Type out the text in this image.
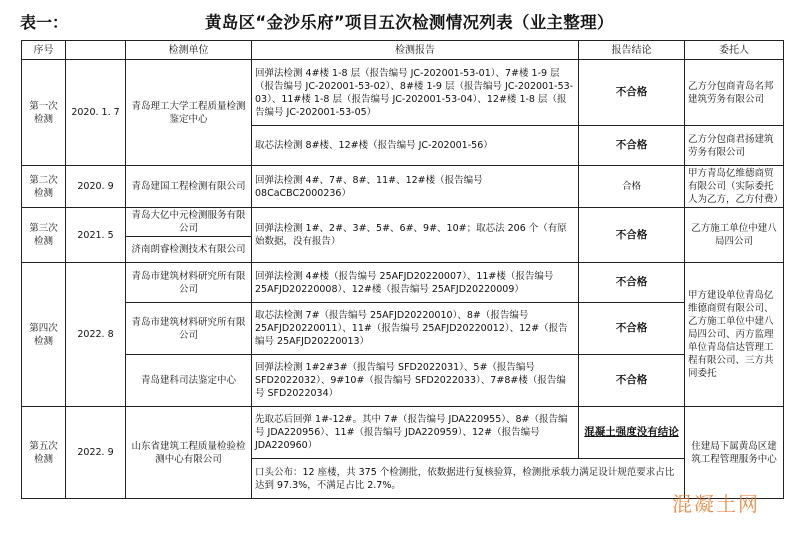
表一：	黄岛区“金沙乐府”项目五次检测情况列表（业主整理）
序号		检测单位	检测报告	报告结论	委托人
第一次检测	2020. 1. 7	青岛理工大学工程质量检测鉴定中心	回弹法检测 4#楼 1-8 层（报告编号 JC-202001-53-01）、7#楼 1-9 层（报告编号 JC-202001-53-02）、8#楼 1-9 层（报告编号 JC-202001-53-03）、11#楼 1-8 层（报告编号 JC-202001-53-04）、12#楼 1-8 层（报告编号 JC-202001-53-05）	不合格	乙方分包商青岛名邦建筑劳务有限公司
			取芯法检测 8#楼、12#楼（报告编号 JC-202001-56）	不合格	乙方分包商君扬建筑劳务有限公司
第二次检测	2020. 9	青岛建国工程检测有限公司	回弹法检测 4#、7#、8#、11#、12#楼（报告编号 08CaCBC2000236）	合格	甲方青岛亿维德商贸有限公司（实际委托人为乙方，乙方付费）
第三次检测	2021. 5	青岛大亿中元检测服务有限公司	回弹法检测 1#、2#、3#、5#、6#、9#、10#；取芯法 206 个（有原始数据，没有报告）	不合格	乙方施工单位中建八局四公司
		济南朗睿检测技术有限公司			
第四次检测	2022. 8	青岛市建筑材料研究所有限公司	回弹法检测 4#楼（报告编号 25AFJD20220007）、11#楼（报告编号 25AFJD20220008）、12#楼（报告编号 25AFJD20220009）	不合格	甲方建设单位青岛亿维德商贸有限公司、乙方施工单位中建八局四公司、丙方监理单位青岛信达管理工程有限公司、三方共同委托
		青岛市建筑材料研究所有限公司	取芯法检测 7#（报告编号 25AFJD20220010）、8#（报告编号 25AFJD20220011）、11#（报告编号 25AFJD20220012）、12#（报告编号 25AFJD20220013）	不合格	
		青岛建科司法鉴定中心	回弹法检测 1#2#3#（报告编号 SFD2022031）、5#（报告编号 SFD2022032）、9#10#（报告编号 SFD2022033）、7#8#楼（报告编号 SFD2022034）	不合格	
第五次检测	2022. 9	山东省建筑工程质量检验检测中心有限公司	先取芯后回弹 1#-12#。其中 7#（报告编号 JDA220955）、8#（报告编号 JDA220956）、11#（报告编号 JDA220959）、12#（报告编号 JDA220960）	混凝土强度没有结论	住建局下属黄岛区建筑工程管理服务中心
			口头公布：12 座楼，共 375 个检测批，依数据进行复核验算，检测批承载力满足设计规范要求占比达到 97.3%，不满足占比 2.7%。		
混凝土网
